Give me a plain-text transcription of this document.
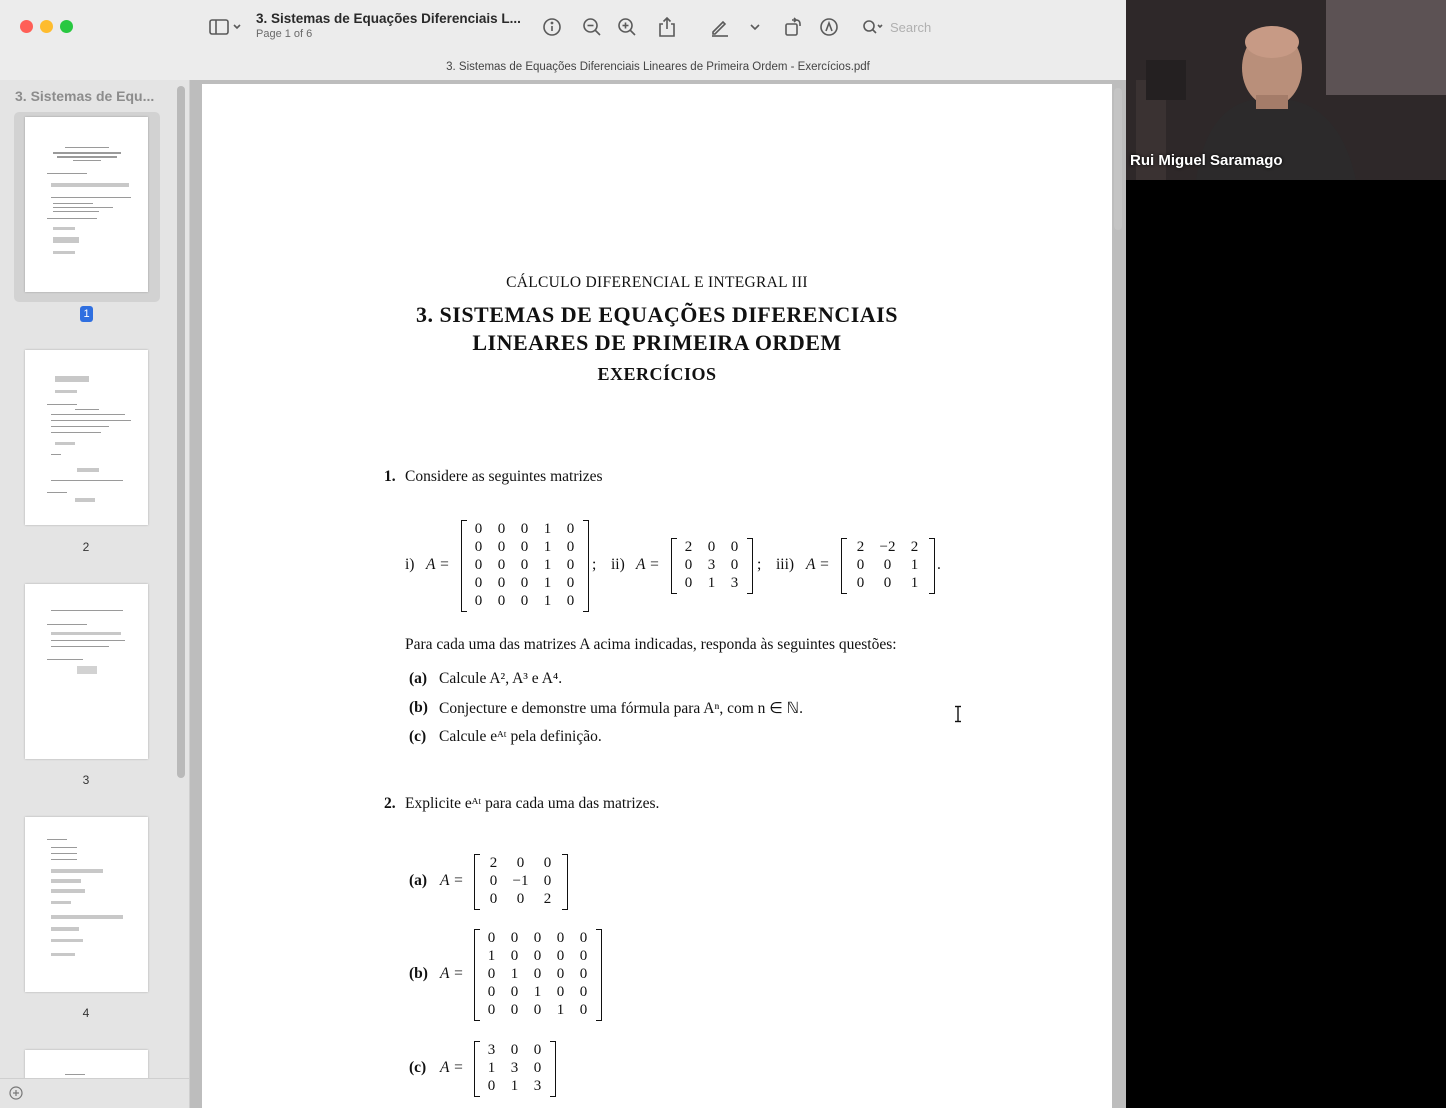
3. Sistemas de Equações Diferenciais L...
Page 1 of 6
Search
3. Sistemas de Equações Diferenciais Lineares de Primeira Ordem - Exercícios.pdf
3. Sistemas de Equ...
1
2
3
4
CÁLCULO DIFERENCIAL E INTEGRAL III
3. SISTEMAS DE EQUAÇÕES DIFERENCIAIS
LINEARES DE PRIMEIRA ORDEM
EXERCÍCIOS
1. Considere as seguintes matrizes
i) A =
0	0	0	1	0
0	0	0	1	0
0	0	0	1	0
0	0	0	1	0
0	0	0	1	0
; ii) A =
2	0	0
0	3	0
0	1	3
; iii) A =
2	−2	2
0	0	1
0	0	1
.
Para cada uma das matrizes A acima indicadas, responda às seguintes questões:
(a) Calcule A², A³ e A⁴.
(b) Conjecture e demonstre uma fórmula para Aⁿ, com n ∈ ℕ.
(c) Calcule eᴬᵗ pela definição.
2. Explicite eᴬᵗ para cada uma das matrizes.
(a) A =
2	0	0
0	−1	0
0	0	2
(b) A =
0	0	0	0	0
1	0	0	0	0
0	1	0	0	0
0	0	1	0	0
0	0	0	1	0
(c) A =
3	0	0
1	3	0
0	1	3
Rui Miguel Saramago
